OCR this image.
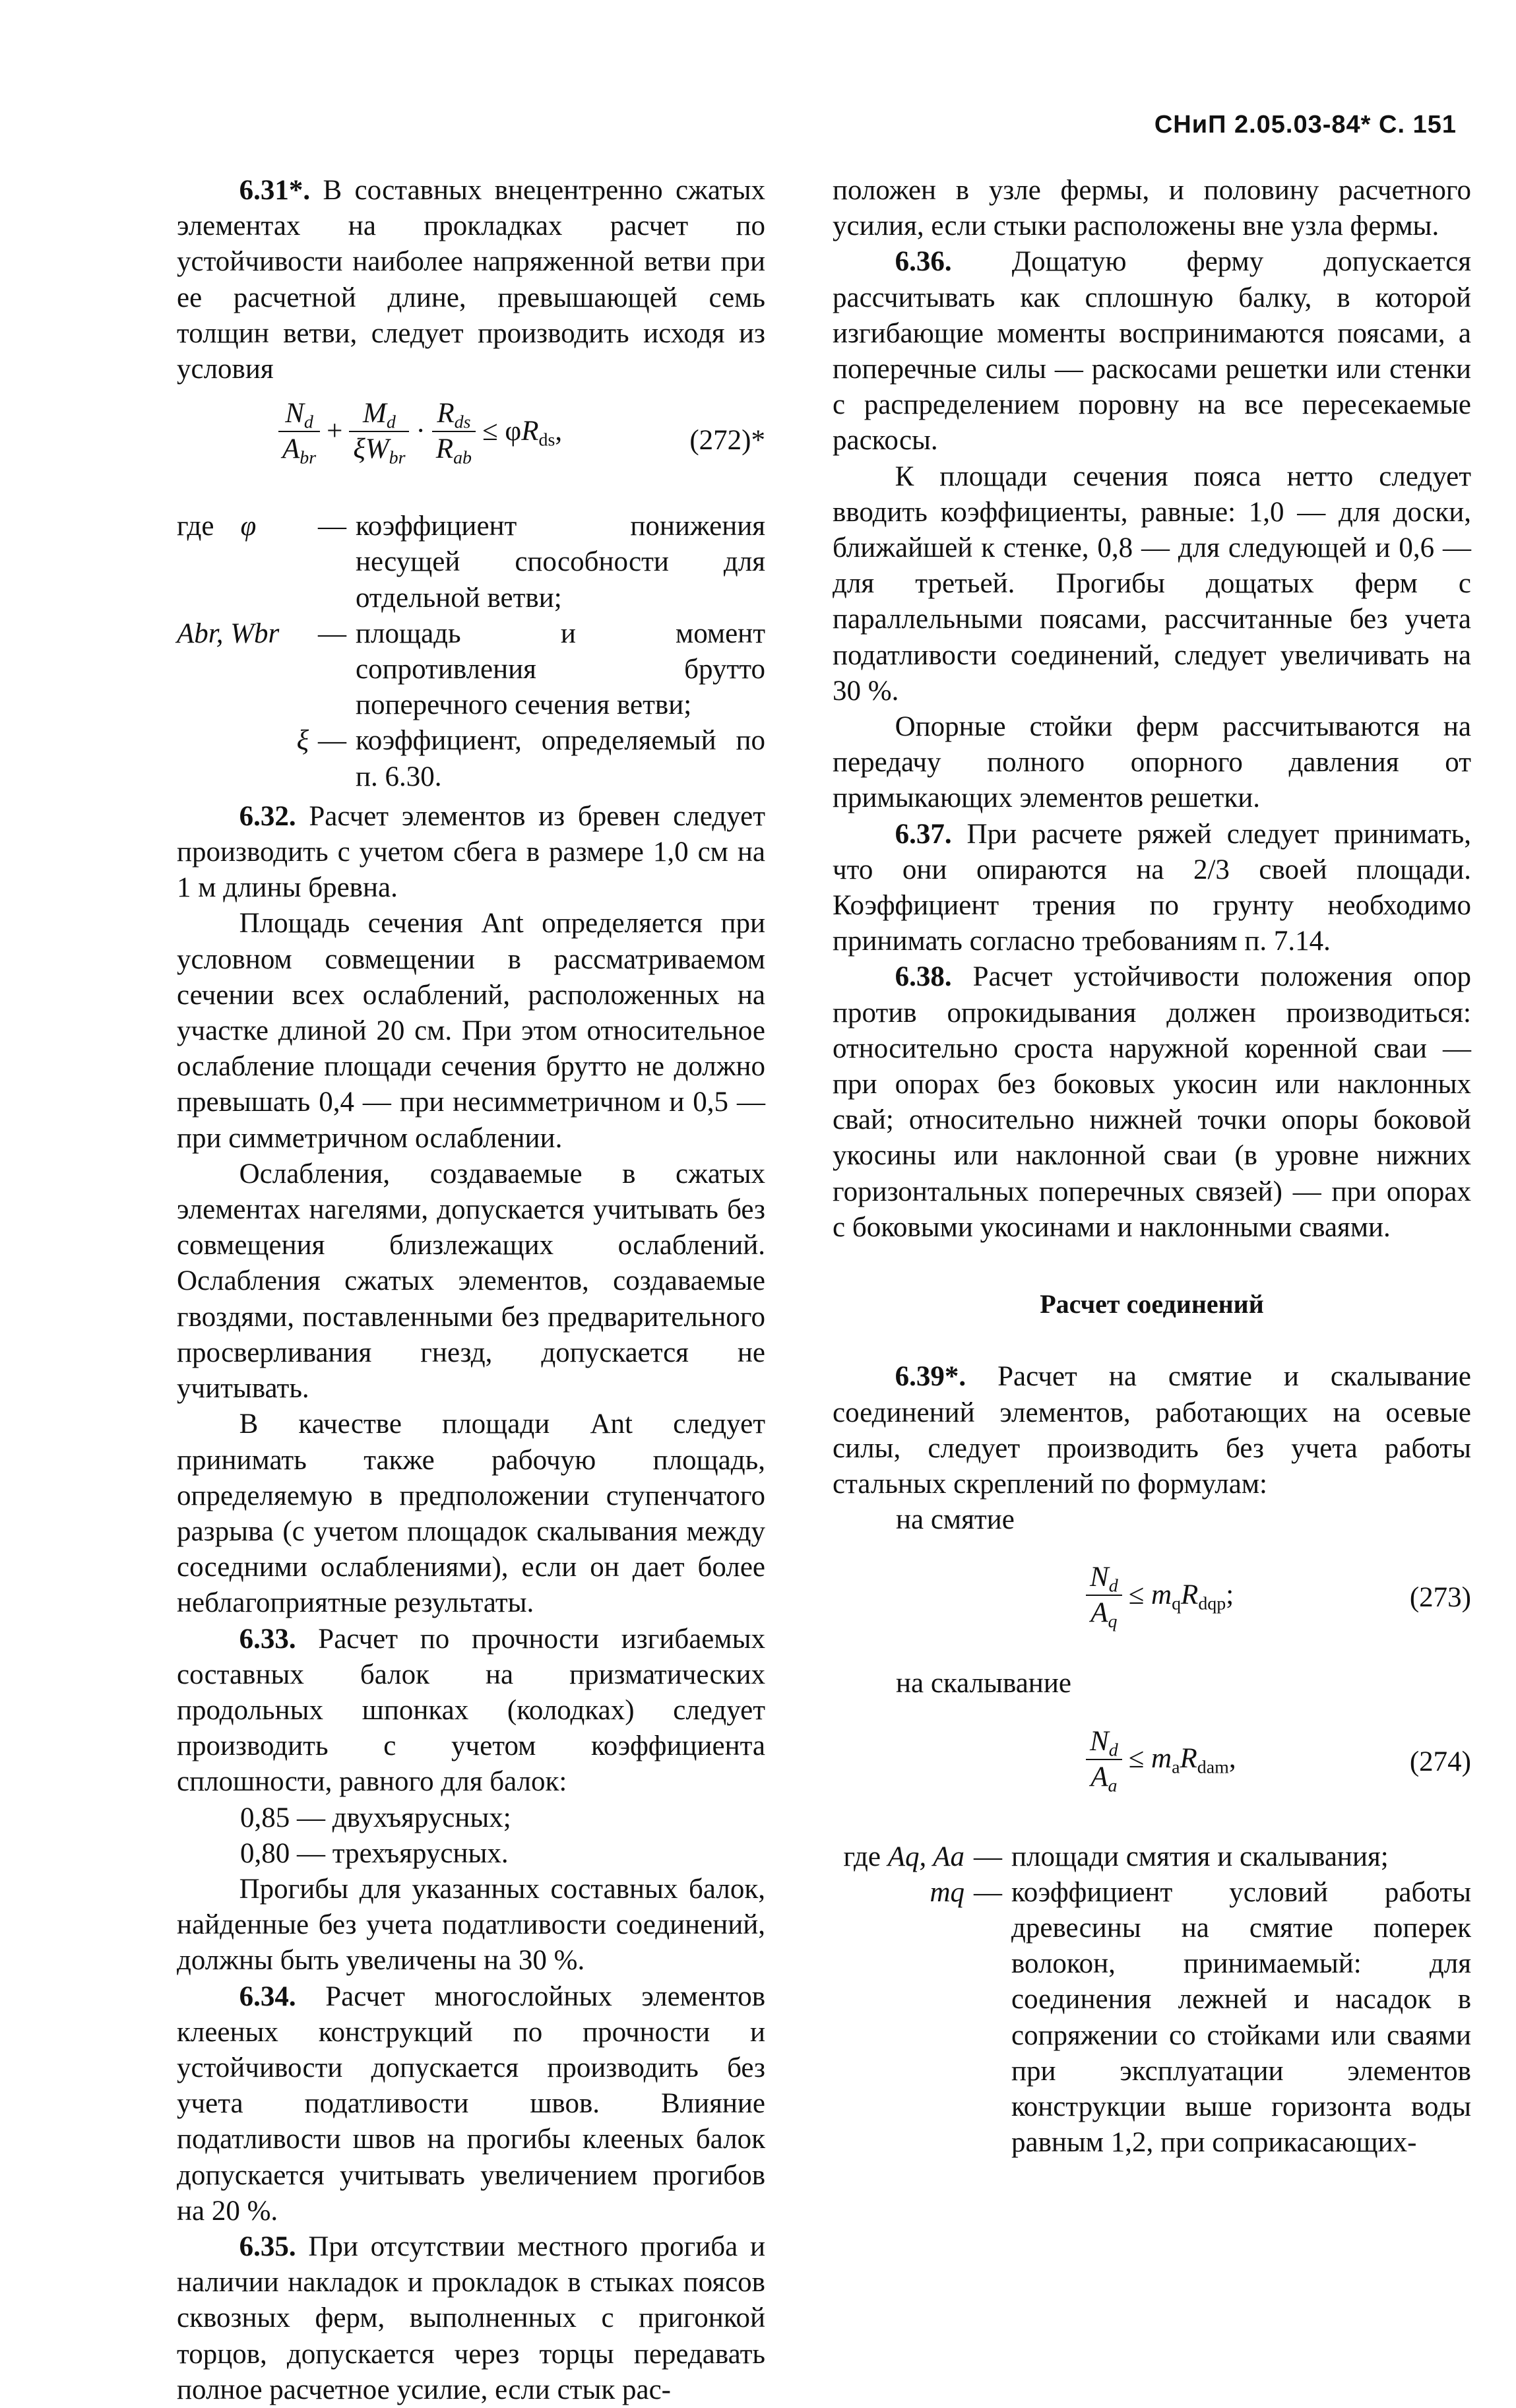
СНиП 2.05.03-84* С. 151

6.31*. В составных внецентренно сжатых элементах на прокладках расчет по устойчивости наиболее напряженной ветви при ее расчетной длине, превышающей семь толщин ветви, следует производить исходя из условия

$\frac{N_d}{A_{br}} + \frac{M_d}{\xi W_{br}} \cdot \frac{R_{ds}}{R_{ab}} \le \varphi R_{ds}$,	(272)*
где φ	— коэффициент понижения несущей способности для отдельной ветви;
Abr, Wbr	— площадь и момент сопротивления брутто поперечного сечения ветви;
ξ — коэффициент, определяемый по п. 6.30.

6.32. Расчет элементов из бревен следует производить с учетом сбега в размере 1,0 см на 1 м длины бревна.

Площадь сечения Ant определяется при условном совмещении в рассматриваемом сечении всех ослаблений, расположенных на участке длиной 20 см. При этом относительное ослабление площади сечения брутто не должно превышать 0,4 — при несимметричном и 0,5 — при симметричном ослаблении.

Ослабления, создаваемые в сжатых элементах нагелями, допускается учитывать без совмещения близлежащих ослаблений. Ослабления сжатых элементов, создаваемые гвоздями, поставленными без предварительного просверливания гнезд, допускается не учитывать.

В качестве площади Ant следует принимать также рабочую площадь, определяемую в предположении ступенчатого разрыва (с учетом площадок скалывания между соседними ослаблениями), если он дает более неблагоприятные результаты.

6.33. Расчет по прочности изгибаемых составных балок на призматических продольных шпонках (колодках) следует производить с учетом коэффициента сплошности, равного для балок:

0,85 — двухъярусных;
0,80 — трехъярусных.

Прогибы для указанных составных балок, найденные без учета податливости соединений, должны быть увеличены на 30 %.

6.34. Расчет многослойных элементов клееных конструкций по прочности и устойчивости допускается производить без учета податливости швов. Влияние податливости швов на прогибы клееных балок допускается учитывать увеличением прогибов на 20 %.

6.35. При отсутствии местного прогиба и наличии накладок и прокладок в стыках поясов сквозных ферм, выполненных с пригонкой торцов, допускается через торцы передавать полное расчетное усилие, если стык рас-

положен в узле фермы, и половину расчетного усилия, если стыки расположены вне узла фермы.

6.36. Дощатую ферму допускается рассчитывать как сплошную балку, в которой изгибающие моменты воспринимаются поясами, а поперечные силы — раскосами решетки или стенки с распределением поровну на все пересекаемые раскосы.

К площади сечения пояса нетто следует вводить коэффициенты, равные: 1,0 — для доски, ближайшей к стенке, 0,8 — для следующей и 0,6 — для третьей. Прогибы дощатых ферм с параллельными поясами, рассчитанные без учета податливости соединений, следует увеличивать на 30 %.

Опорные стойки ферм рассчитываются на передачу полного опорного давления от примыкающих элементов решетки.

6.37. При расчете ряжей следует принимать, что они опираются на 2/3 своей площади. Коэффициент трения по грунту необходимо принимать согласно требованиям п. 7.14.

6.38. Расчет устойчивости положения опор против опрокидывания должен производиться: относительно сроста наружной коренной сваи — при опорах без боковых укосин или наклонных свай; относительно нижней точки опоры боковой укосины или наклонной сваи (в уровне нижних горизонтальных поперечных связей) — при опорах с боковыми укосинами и наклонными сваями.

Расчет соединений

6.39*. Расчет на смятие и скалывание соединений элементов, работающих на осевые силы, следует производить без учета работы стальных скреплений по формулам:

на смятие
$\frac{N_d}{A_q} \le m_qR_{dqp}$;	(273)
на скалывание
$\frac{N_d}{A_a} \le m_aR_{dam}$,	(274)
где Aq, Aa — площади смятия и скалывания;
mq — коэффициент условий работы древесины на смятие поперек волокон, принимаемый: для соединения лежней и насадок в сопряжении со стойками или сваями при эксплуатации элементов конструкции выше горизонта воды равным 1,2, при соприкасающих-
